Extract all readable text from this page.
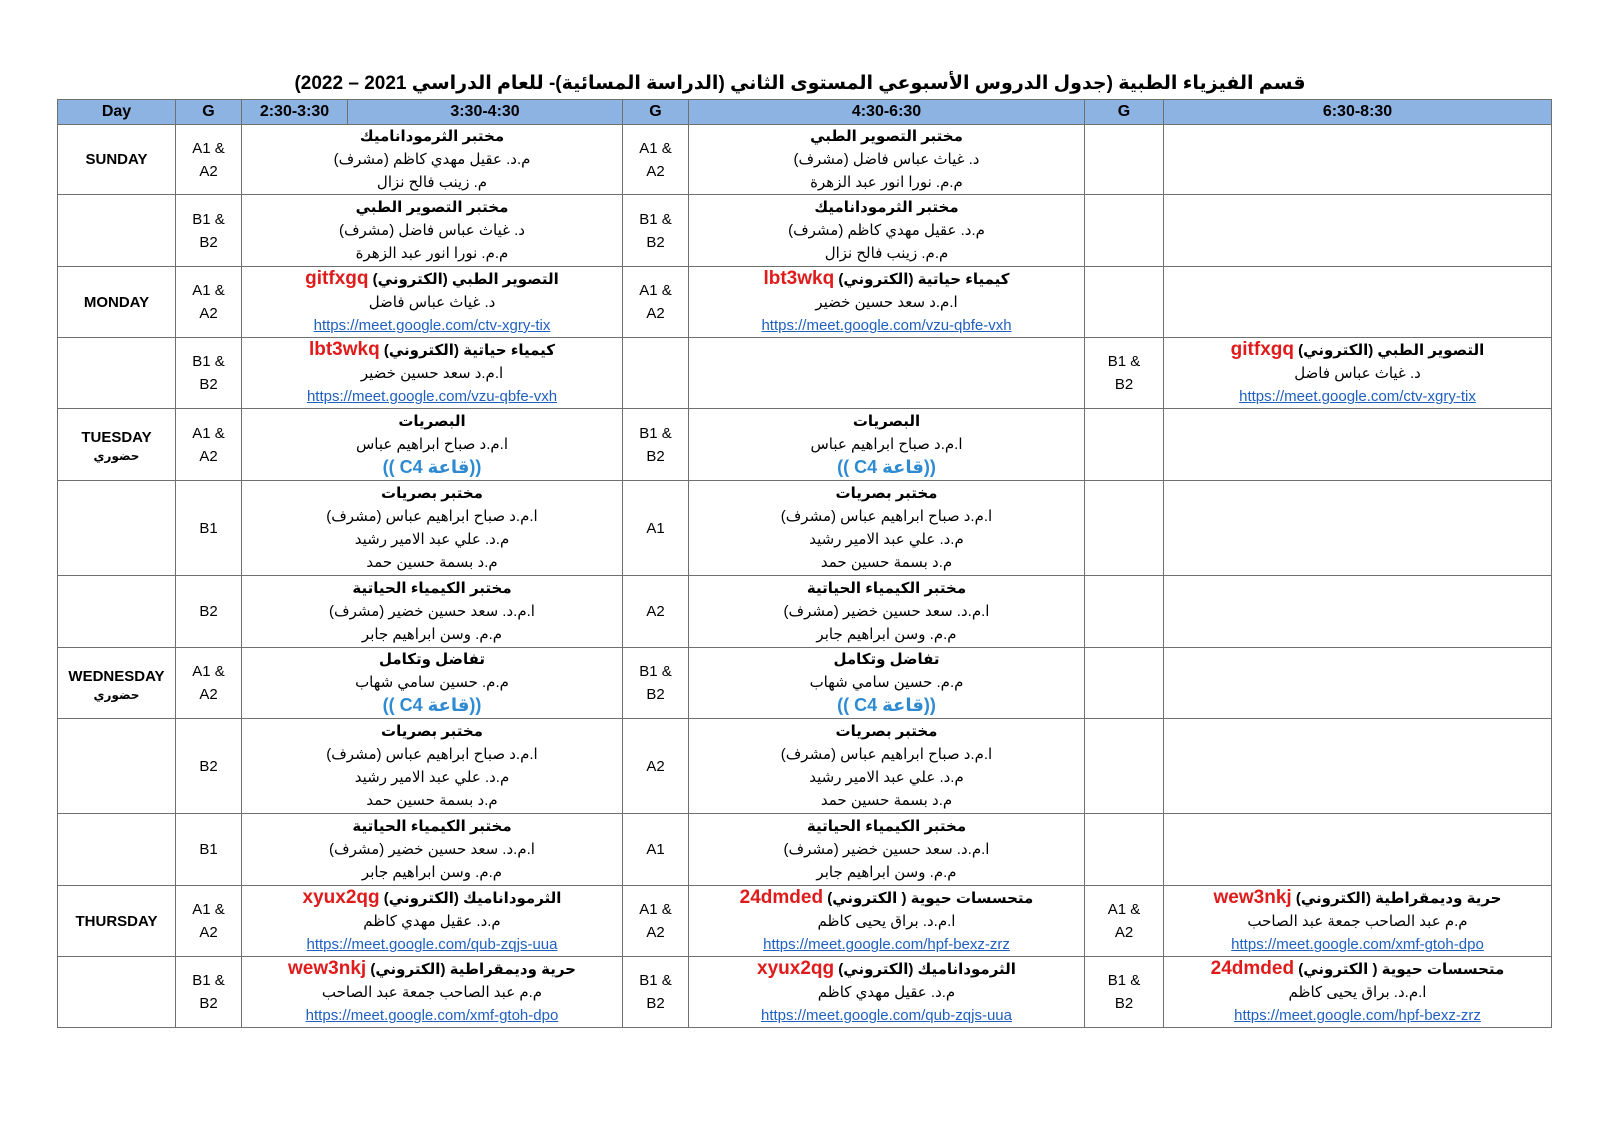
قسم الفيزياء الطبية (جدول الدروس الأسبوعي المستوى الثاني (الدراسة المسائية)- للعام الدراسي 2021 – 2022)
Day	G	2:30-3:30	3:30-4:30	G	4:30-6:30	G	6:30-8:30
SUNDAY	A1 &
A2	مختبر الثرموداناميك
م.د. عقيل مهدي كاظم (مشرف)
م. زينب فالح نزال		A1 &
A2	مختبر التصوير الطبي
د. غياث عباس فاضل (مشرف)
م.م. نورا انور عبد الزهرة		

	B1 &
B2	مختبر التصوير الطبي
د. غياث عباس فاضل (مشرف)
م.م. نورا انور عبد الزهرة		B1 &
B2	مختبر الثرموداناميك
م.د. عقيل مهدي كاظم (مشرف)
م.م. زينب فالح نزال		

MONDAY	A1 &
A2	التصوير الطبي (الكتروني) gitfxgq
د. غياث عباس فاضل
https://meet.google.com/ctv-xgry-tix		A1 &
A2	كيمياء حياتية (الكتروني) lbt3wkq
ا.م.د سعد حسين خضير
https://meet.google.com/vzu-qbfe-vxh		

	B1 &
B2	كيمياء حياتية (الكتروني) lbt3wkq
ا.م.د سعد حسين خضير
https://meet.google.com/vzu-qbfe-vxh				B1 &
B2	التصوير الطبي (الكتروني) gitfxgq
د. غياث عباس فاضل
https://meet.google.com/ctv-xgry-tix

TUESDAY
حضوري	A1 &
A2	البصريات
ا.م.د صباح ابراهيم عباس
((قاعة C4 ))		B1 &
B2	البصريات
ا.م.د صباح ابراهيم عباس
((قاعة C4 ))		

	B1	مختبر بصريات
ا.م.د صباح ابراهيم عباس (مشرف)
م.د. علي عبد الامير رشيد
م.د بسمة حسين حمد		A1	مختبر بصريات
ا.م.د صباح ابراهيم عباس (مشرف)
م.د. علي عبد الامير رشيد
م.د بسمة حسين حمد		

	B2	مختبر الكيمياء الحياتية
ا.م.د. سعد حسين خضير (مشرف)
م.م. وسن ابراهيم جابر		A2	مختبر الكيمياء الحياتية
ا.م.د. سعد حسين خضير (مشرف)
م.م. وسن ابراهيم جابر		

WEDNESDAY
حضوري	A1 &
A2	تفاضل وتكامل
م.م. حسين سامي شهاب
((قاعة C4 ))		B1 &
B2	تفاضل وتكامل
م.م. حسين سامي شهاب
((قاعة C4 ))		

	B2	مختبر بصريات
ا.م.د صباح ابراهيم عباس (مشرف)
م.د. علي عبد الامير رشيد
م.د بسمة حسين حمد		A2	مختبر بصريات
ا.م.د صباح ابراهيم عباس (مشرف)
م.د. علي عبد الامير رشيد
م.د بسمة حسين حمد		

	B1	مختبر الكيمياء الحياتية
ا.م.د. سعد حسين خضير (مشرف)
م.م. وسن ابراهيم جابر		A1	مختبر الكيمياء الحياتية
ا.م.د. سعد حسين خضير (مشرف)
م.م. وسن ابراهيم جابر		

THURSDAY	A1 &
A2	الثرموداناميك (الكتروني) xyux2qg
م.د. عقيل مهدي كاظم
https://meet.google.com/qub-zqjs-uua		A1 &
A2	متحسسات حيوية ( الكتروني) 24dmded
ا.م.د. براق يحيى كاظم
https://meet.google.com/hpf-bexz-zrz	A1 &
A2	حرية وديمقراطية (الكتروني) wew3nkj
م.م عبد الصاحب جمعة عبد الصاحب
https://meet.google.com/xmf-gtoh-dpo

	B1 &
B2	حرية وديمقراطية (الكتروني) wew3nkj
م.م عبد الصاحب جمعة عبد الصاحب
https://meet.google.com/xmf-gtoh-dpo		B1 &
B2	الثرموداناميك (الكتروني) xyux2qg
م.د. عقيل مهدي كاظم
https://meet.google.com/qub-zqjs-uua	B1 &
B2	متحسسات حيوية ( الكتروني) 24dmded
ا.م.د. براق يحيى كاظم
https://meet.google.com/hpf-bexz-zrz
